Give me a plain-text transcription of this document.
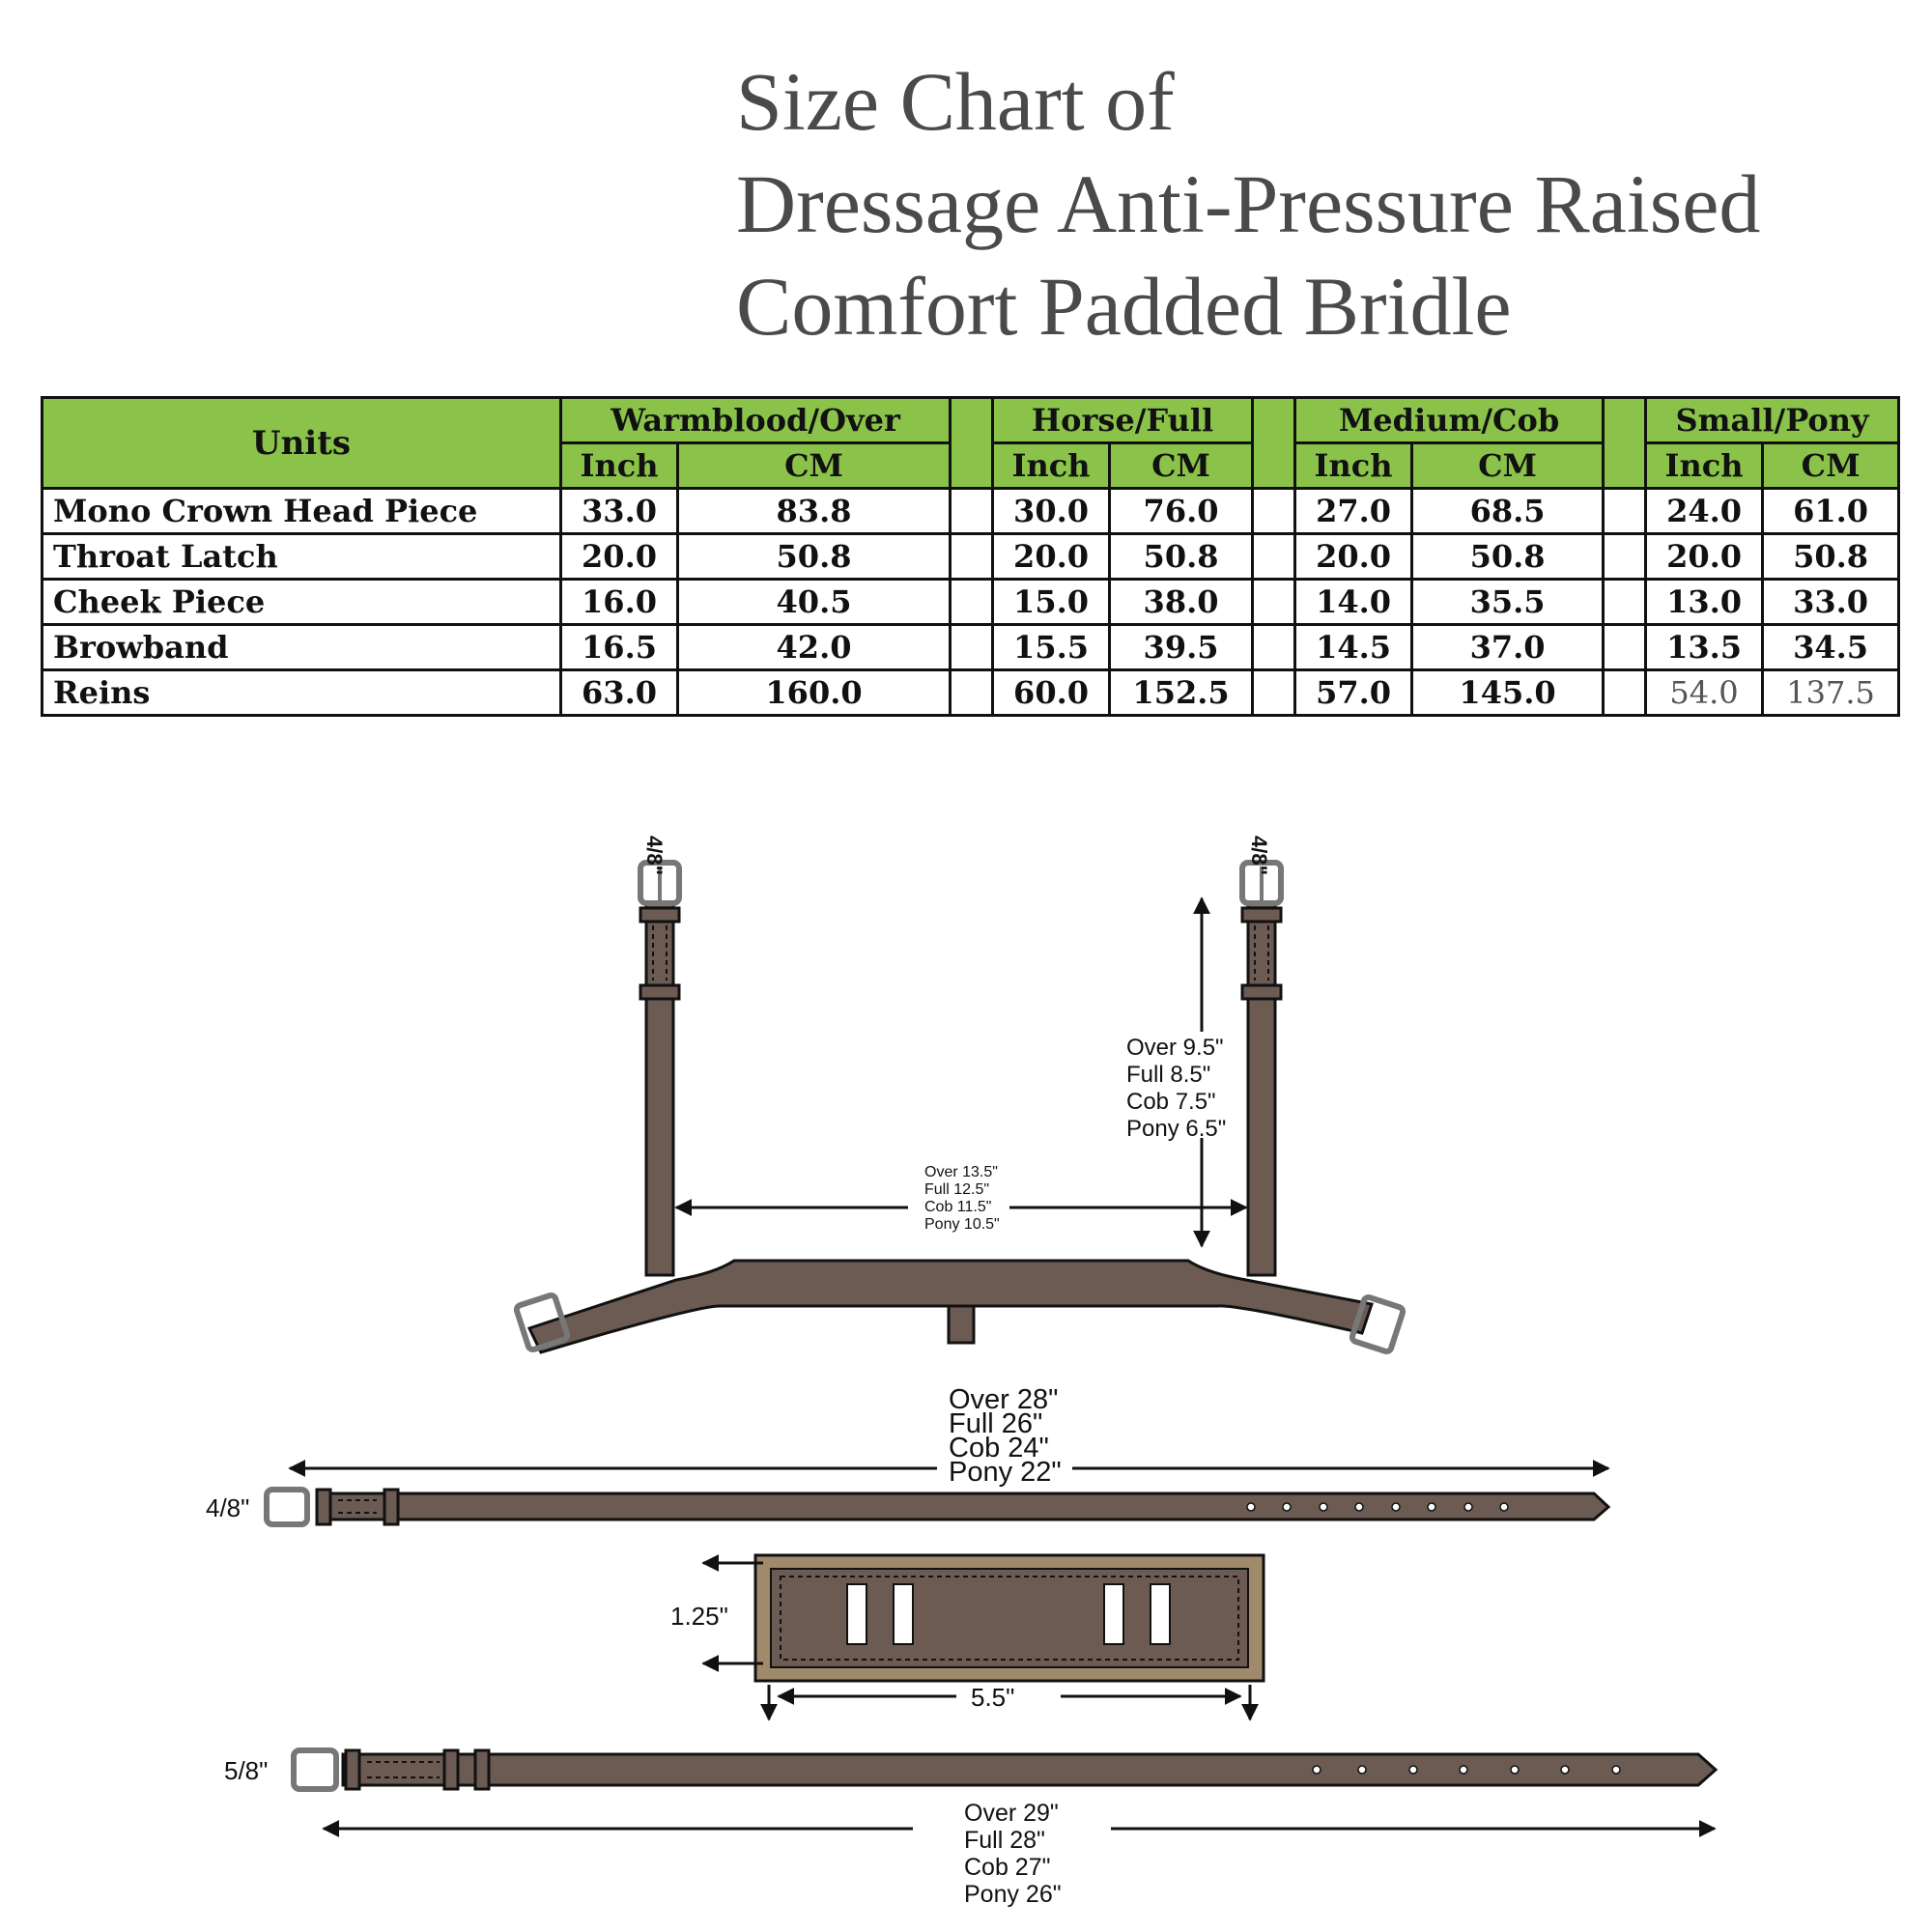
Size Chart of
Dressage Anti-Pressure Raised
Comfort Padded Bridle
Units	Warmblood/Over			Horse/Full			Medium/Cob			Small/Pony	
	Inch	CM		Inch	CM		Inch	CM		Inch	CM
Mono Crown Head Piece	33.0	83.8		30.0	76.0		27.0	68.5		24.0	61.0
Throat Latch	20.0	50.8		20.0	50.8		20.0	50.8		20.0	50.8
Cheek Piece	16.0	40.5		15.0	38.0		14.0	35.5		13.0	33.0
Browband	16.5	42.0		15.5	39.5		14.5	37.0		13.5	34.5
Reins	63.0	160.0		60.0	152.5		57.0	145.0		54.0	137.5
4/8"	4/8"
Over 9.5" Full 8.5" Cob 7.5" Pony 6.5"
Over 13.5" Full 12.5" Cob 11.5" Pony 10.5"
Over 28" Full 26" Cob 24" Pony 22"
4/8"
1.25"
5.5"
5/8"
Over 29" Full 28" Cob 27" Pony 26"
